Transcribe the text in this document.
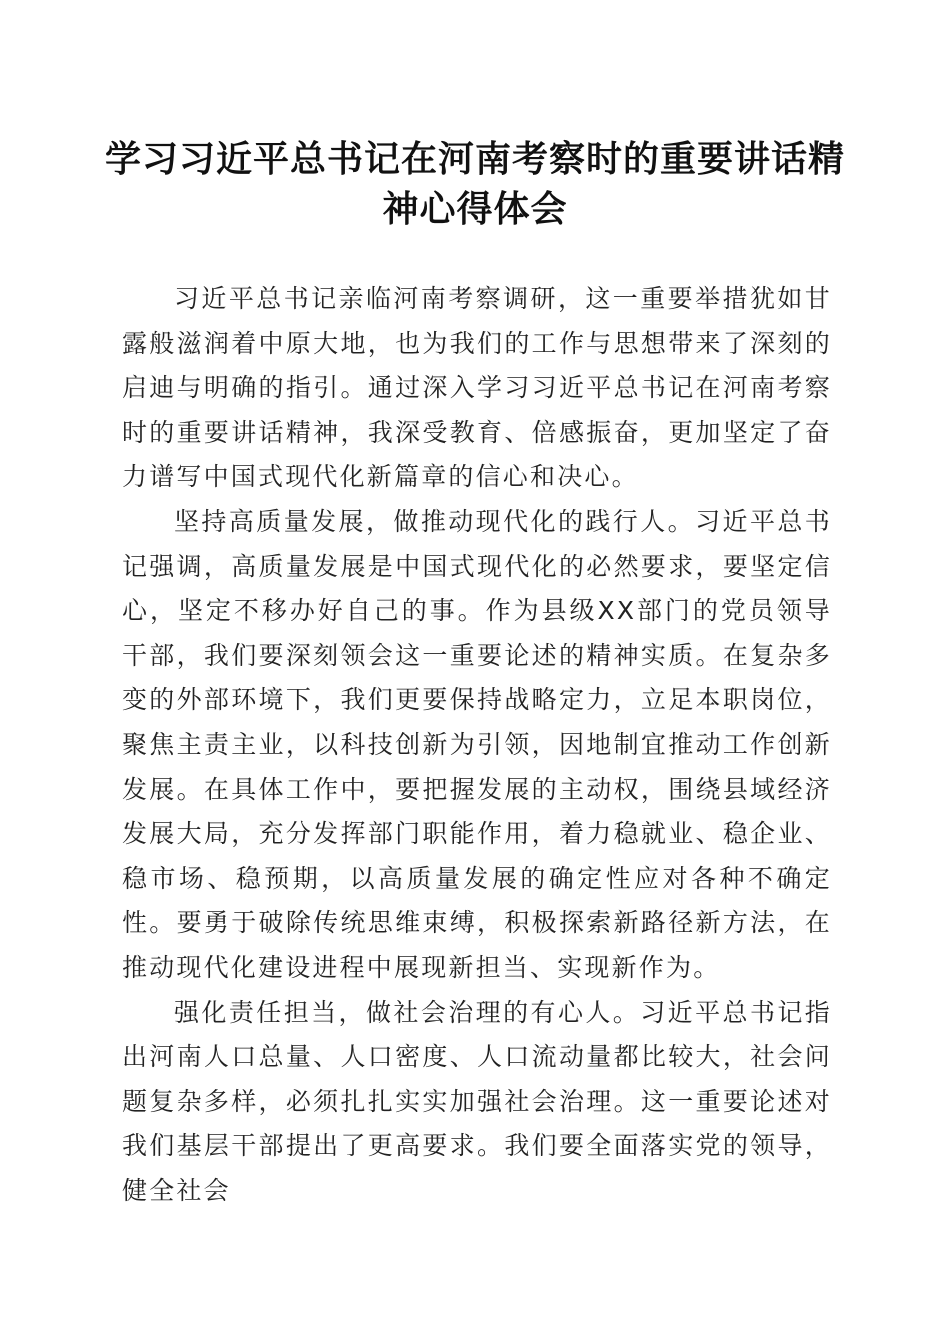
学习习近平总书记在河南考察时的重要讲话精神心得体会

习近平总书记亲临河南考察调研，这一重要举措犹如甘露般滋润着中原大地，也为我们的工作与思想带来了深刻的启迪与明确的指引。通过深入学习习近平总书记在河南考察时的重要讲话精神，我深受教育、倍感振奋，更加坚定了奋力谱写中国式现代化新篇章的信心和决心。

坚持高质量发展，做推动现代化的践行人。习近平总书记强调，高质量发展是中国式现代化的必然要求，要坚定信心，坚定不移办好自己的事。作为县级XX部门的党员领导干部，我们要深刻领会这一重要论述的精神实质。在复杂多变的外部环境下，我们更要保持战略定力，立足本职岗位，聚焦主责主业，以科技创新为引领，因地制宜推动工作创新发展。在具体工作中，要把握发展的主动权，围绕县域经济发展大局，充分发挥部门职能作用，着力稳就业、稳企业、稳市场、稳预期，以高质量发展的确定性应对各种不确定性。要勇于破除传统思维束缚，积极探索新路径新方法，在推动现代化建设进程中展现新担当、实现新作为。

强化责任担当，做社会治理的有心人。习近平总书记指出河南人口总量、人口密度、人口流动量都比较大，社会问题复杂多样，必须扎扎实实加强社会治理。这一重要论述对我们基层干部提出了更高要求。我们要全面落实党的领导，健全社会
